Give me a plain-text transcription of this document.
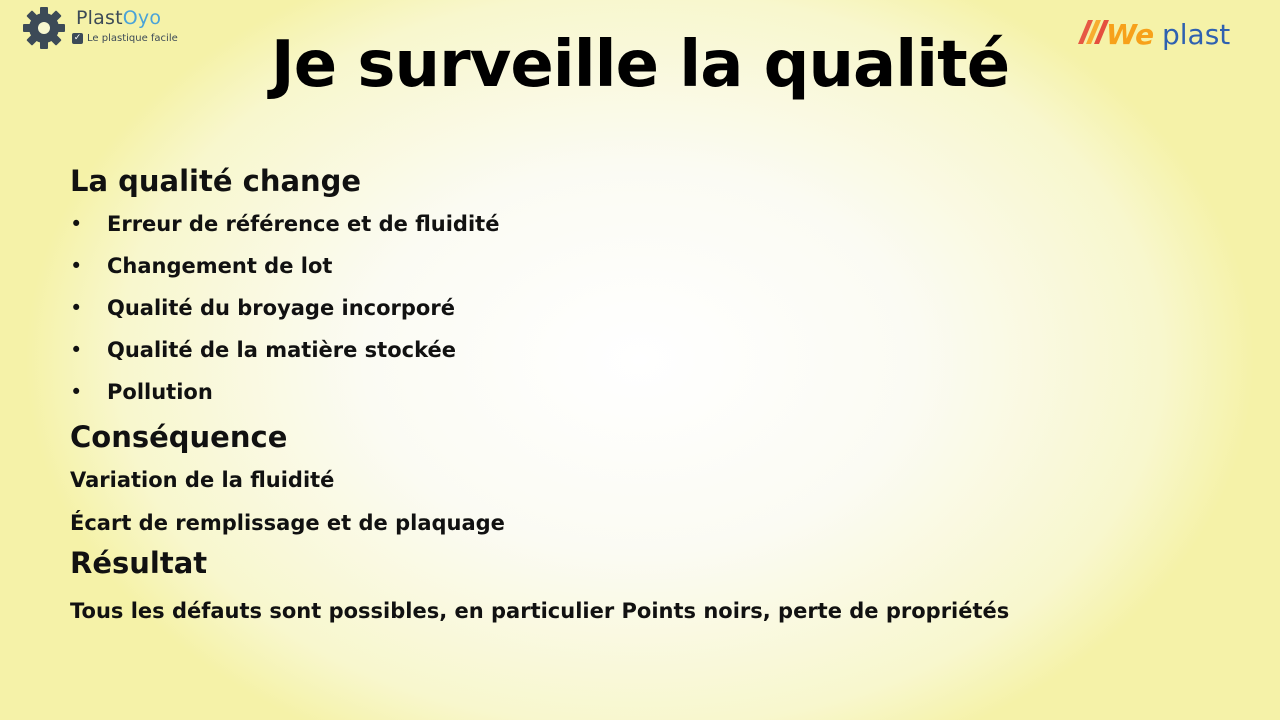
PlastOyo
✓ Le plastique facile	We plast
Je surveille la qualité
La qualité change
• Erreur de référence et de fluidité
• Changement de lot
• Qualité du broyage incorporé
• Qualité de la matière stockée
• Pollution
Conséquence
Variation de la fluidité
Écart de remplissage et de plaquage
Résultat
Tous les défauts sont possibles, en particulier Points noirs, perte de propriétés
